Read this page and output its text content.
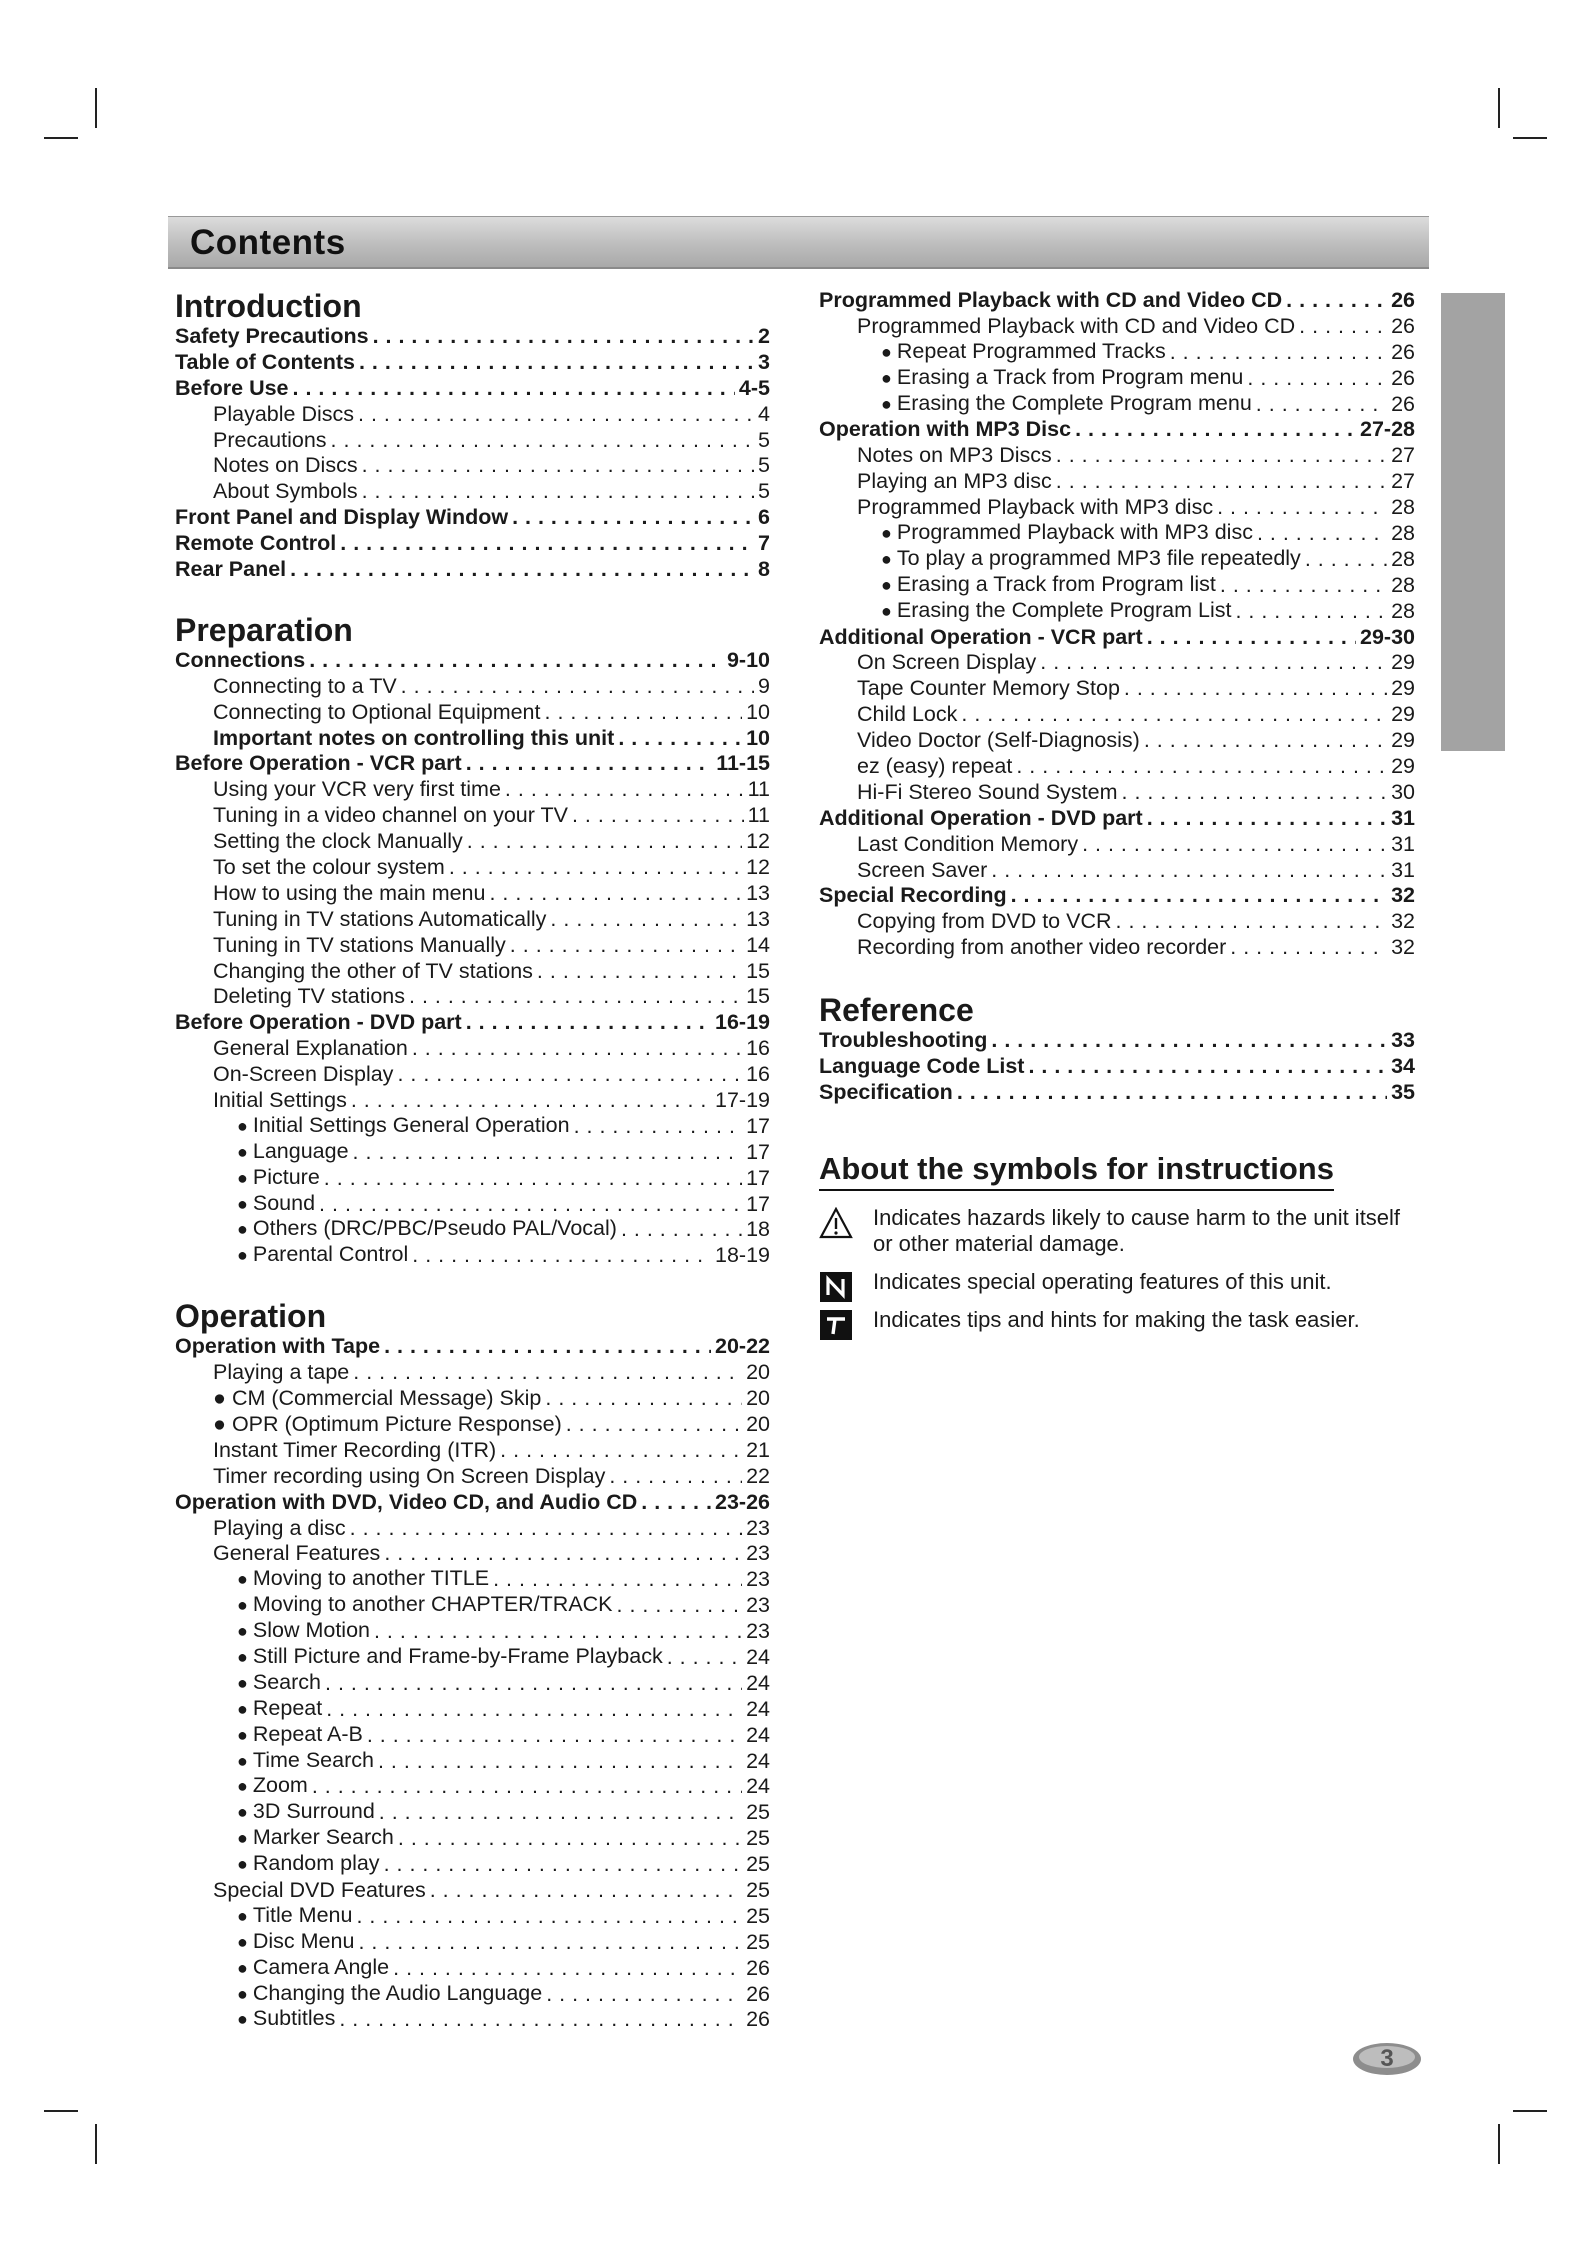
Contents
Introduction
Safety Precautions . . .	2
Table of Contents . . .	3
Before Use . . .	4-5
Playable Discs . . .	4
Precautions . . .	5
Notes on Discs . . .	5
About Symbols . . .	5
Front Panel and Display Window . . .	6
Remote Control . . .	7
Rear Panel . . .	8
Preparation
Connections . . .	9-10
Connecting to a TV . . .	9
Connecting to Optional Equipment . . .	10
Important notes on controlling this unit . . .	10
Before Operation - VCR part . . .	11-15
Using your VCR very first time . . .	11
Tuning in a video channel on your TV . . .	11
Setting the clock Manually . . .	12
To set the colour system . . .	12
How to using the main menu . . .	13
Tuning in TV stations Automatically . . .	13
Tuning in TV stations Manually . . .	14
Changing the other of TV stations . . .	15
Deleting TV stations . . .	15
Before Operation - DVD part . . .	16-19
General Explanation . . .	16
On-Screen Display . . .	16
Initial Settings . . .	17-19
● Initial Settings General Operation . . .	17
● Language . . .	17
● Picture . . .	17
● Sound . . .	17
● Others (DRC/PBC/Pseudo PAL/Vocal) . . .	18
● Parental Control . . .	18-19
Operation
Operation with Tape . . .	20-22
Playing a tape . . .	20
● CM (Commercial Message) Skip . . .	20
● OPR (Optimum Picture Response) . . .	20
Instant Timer Recording (ITR) . . .	21
Timer recording using On Screen Display . . .	22
Operation with DVD, Video CD, and Audio CD . . .	23-26
Playing a disc . . .	23
General Features . . .	23
● Moving to another TITLE . . .	23
● Moving to another CHAPTER/TRACK . . .	23
● Slow Motion . . .	23
● Still Picture and Frame-by-Frame Playback . . .	24
● Search . . .	24
● Repeat . . .	24
● Repeat A-B . . .	24
● Time Search . . .	24
● Zoom . . .	24
● 3D Surround . . .	25
● Marker Search . . .	25
● Random play . . .	25
Special DVD Features . . .	25
● Title Menu . . .	25
● Disc Menu . . .	25
● Camera Angle . . .	26
● Changing the Audio Language . . .	26
● Subtitles . . .	26
Programmed Playback with CD and Video CD . . .	26
Programmed Playback with CD and Video CD . . .	26
● Repeat Programmed Tracks . . .	26
● Erasing a Track from Program menu . . .	26
● Erasing the Complete Program menu . . .	26
Operation with MP3 Disc . . .	27-28
Notes on MP3 Discs . . .	27
Playing an MP3 disc . . .	27
Programmed Playback with MP3 disc . . .	28
● Programmed Playback with MP3 disc . . .	28
● To play a programmed MP3 file repeatedly . . .	28
● Erasing a Track from Program list . . .	28
● Erasing the Complete Program List . . .	28
Additional Operation - VCR part . . .	29-30
On Screen Display . . .	29
Tape Counter Memory Stop . . .	29
Child Lock . . .	29
Video Doctor (Self-Diagnosis) . . .	29
ez (easy) repeat . . .	29
Hi-Fi Stereo Sound System . . .	30
Additional Operation - DVD part . . .	31
Last Condition Memory . . .	31
Screen Saver . . .	31
Special Recording . . .	32
Copying from DVD to VCR . . .	32
Recording from another video recorder . . .	32
Reference
Troubleshooting . . .	33
Language Code List . . .	34
Specification . . .	35
About the symbols for instructions
Indicates hazards likely to cause harm to the unit itself or other material damage.
Indicates special operating features of this unit.
Indicates tips and hints for making the task easier.
3
